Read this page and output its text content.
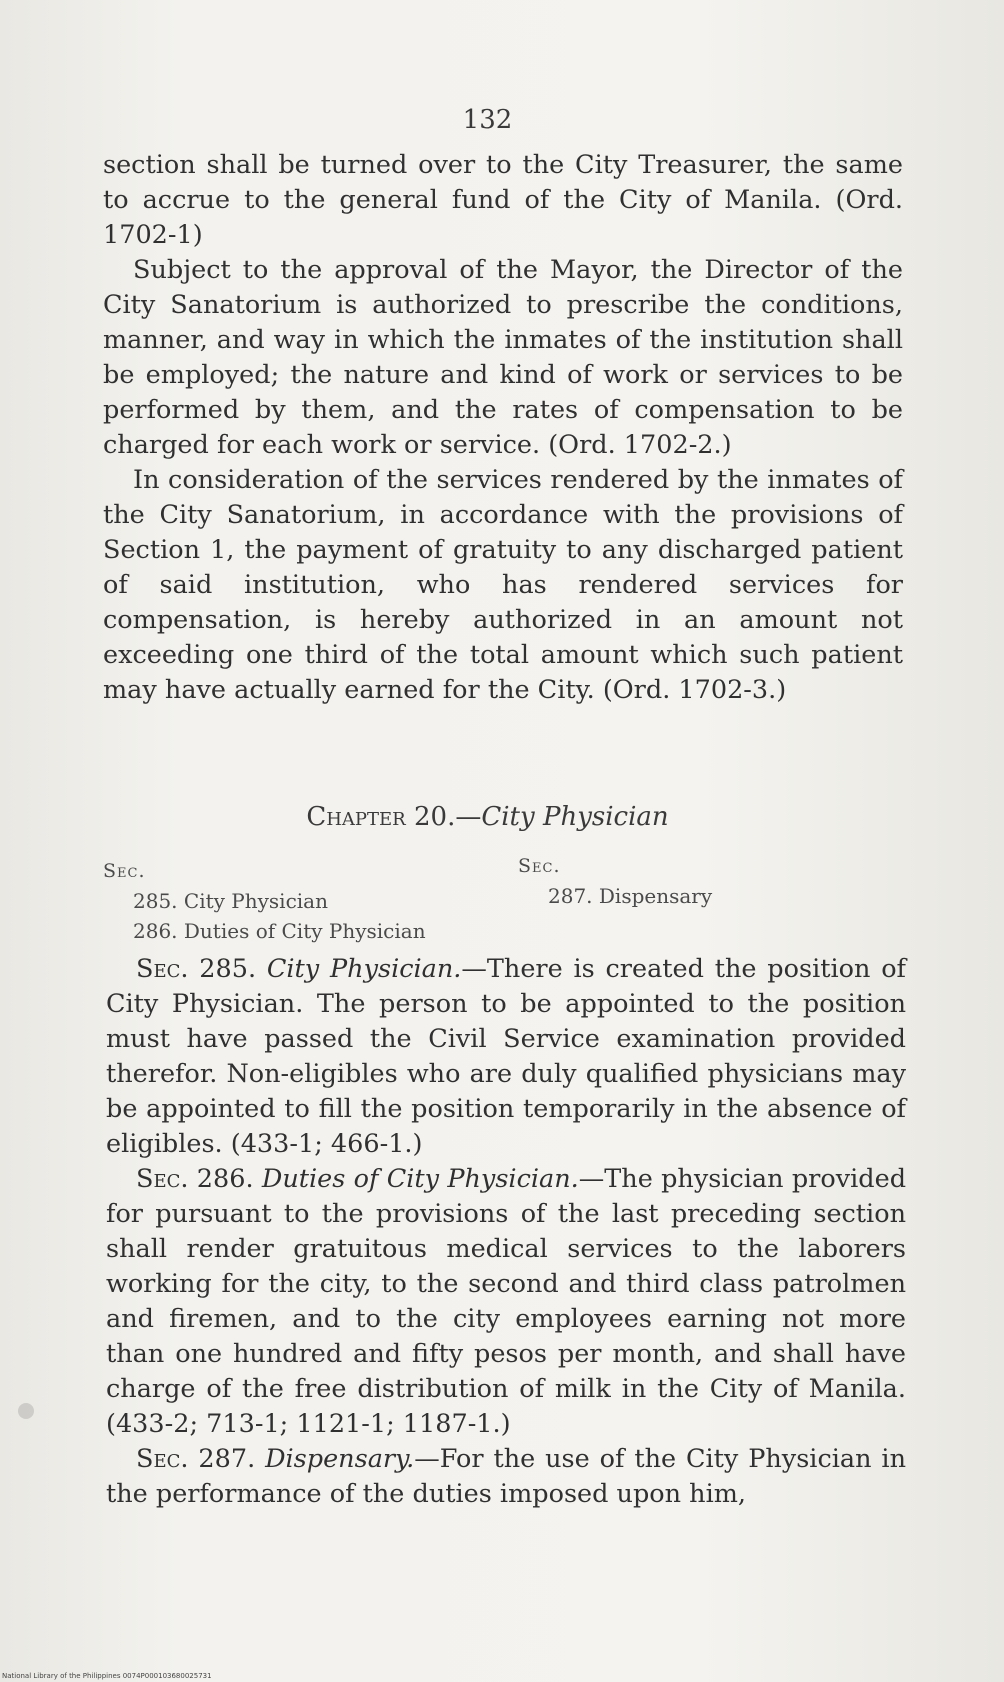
132

section shall be turned over to the City Treasurer, the same to accrue to the general fund of the City of Manila. (Ord. 1702-1)

Subject to the approval of the Mayor, the Director of the City Sanatorium is authorized to prescribe the conditions, manner, and way in which the inmates of the institution shall be employed; the nature and kind of work or services to be performed by them, and the rates of compensation to be charged for each work or service. (Ord. 1702-2.)

In consideration of the services rendered by the inmates of the City Sanatorium, in accordance with the provisions of Section 1, the payment of gratuity to any discharged patient of said institution, who has rendered services for compensation, is hereby authorized in an amount not exceeding one third of the total amount which such patient may have actually earned for the City. (Ord. 1702-3.)

Chapter 20.—City Physician
Sec.
285. City Physician
286. Duties of City Physician
Sec.
287. Dispensary

Sec. 285. City Physician.—There is created the position of City Physician. The person to be appointed to the position must have passed the Civil Service examination provided therefor. Non-eligibles who are duly qualified physicians may be appointed to fill the position temporarily in the absence of eligibles. (433-1; 466-1.)

Sec. 286. Duties of City Physician.—The physician provided for pursuant to the provisions of the last preceding section shall render gratuitous medical services to the laborers working for the city, to the second and third class patrolmen and firemen, and to the city employees earning not more than one hundred and fifty pesos per month, and shall have charge of the free distribution of milk in the City of Manila. (433-2; 713-1; 1121-1; 1187-1.)

Sec. 287. Dispensary.—For the use of the City Physician in the performance of the duties imposed upon him,

National Library of the Philippines 0074P000103680025731
